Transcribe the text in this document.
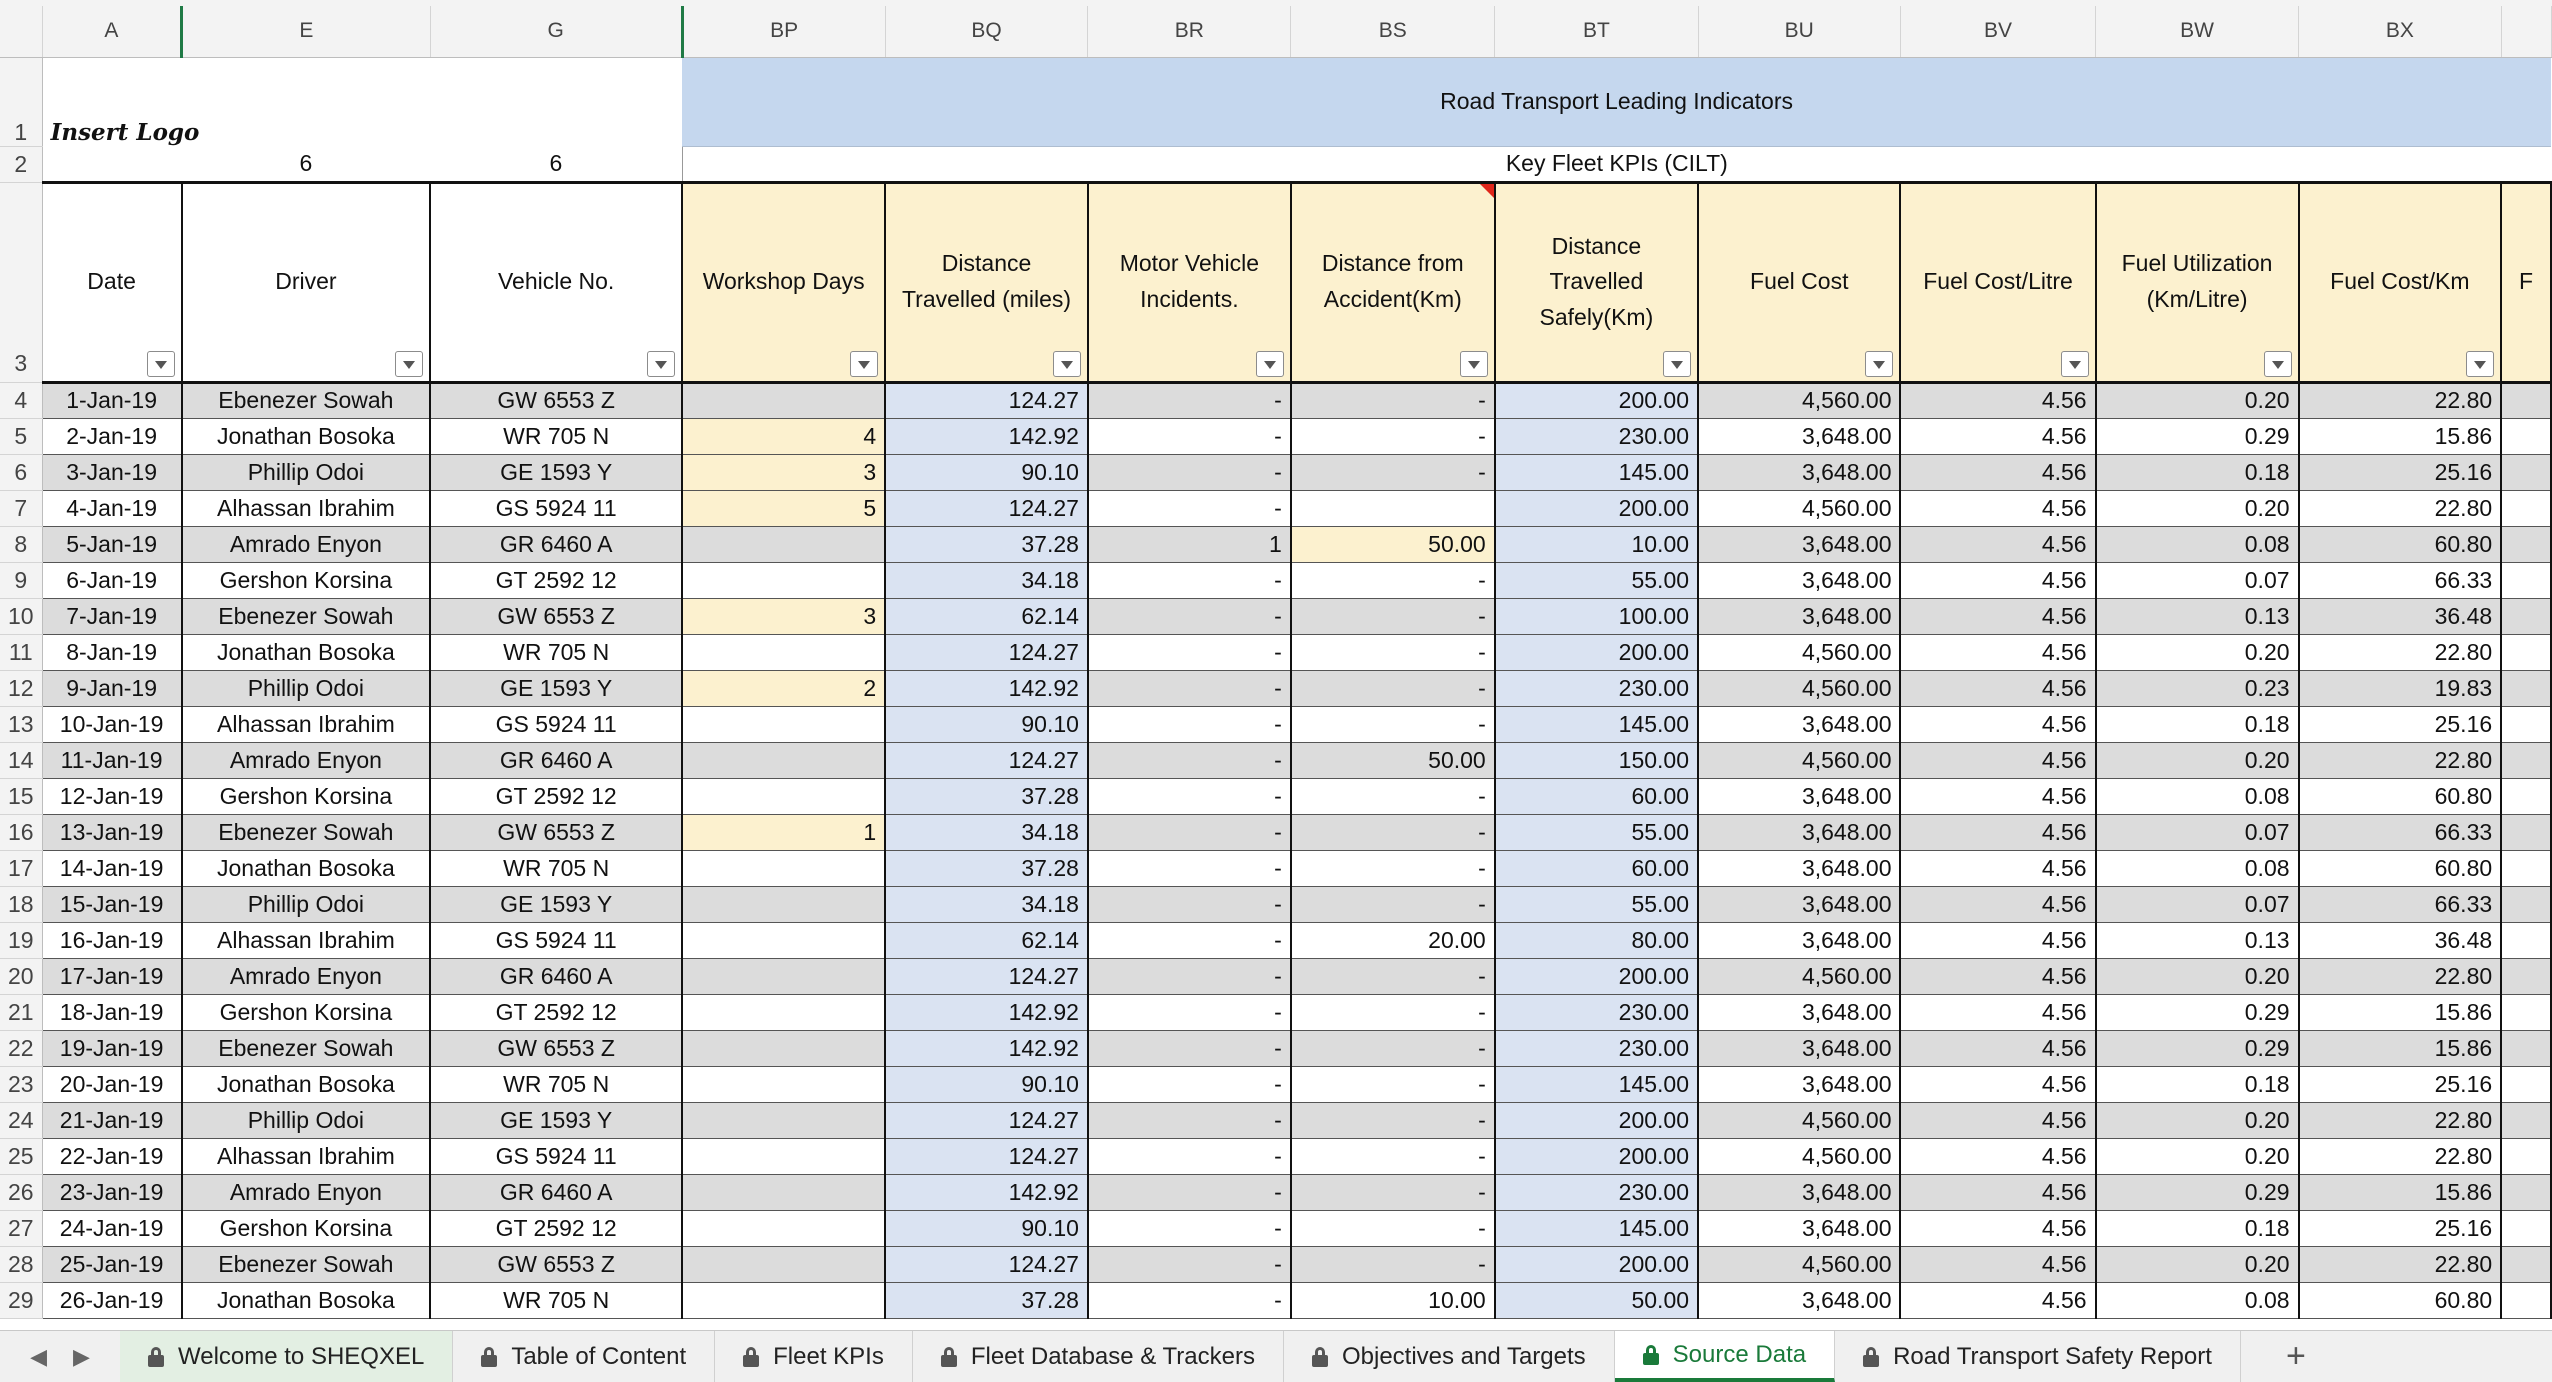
	A	E	G	BP	BQ	BR	BS	BT	BU	BV	BW	BX	
1	Insert Logo			Road Transport Leading Indicators									
2		6	6	Key Fleet KPIs (CILT)									
3	Date	Driver	Vehicle No.	Workshop Days	Distance Travelled (miles)	Motor Vehicle Incidents.	Distance from Accident(Km)	Distance Travelled Safely(Km)	Fuel Cost	Fuel Cost/Litre	Fuel Utilization (Km/Litre)	Fuel Cost/Km	F
4	1-Jan-19	Ebenezer Sowah	GW 6553 Z		124.27	-	-	200.00	4,560.00	4.56	0.20	22.80	
5	2-Jan-19	Jonathan Bosoka	WR 705 N	4	142.92	-	-	230.00	3,648.00	4.56	0.29	15.86	
6	3-Jan-19	Phillip Odoi	GE 1593 Y	3	90.10	-	-	145.00	3,648.00	4.56	0.18	25.16	
7	4-Jan-19	Alhassan Ibrahim	GS 5924 11	5	124.27	-		200.00	4,560.00	4.56	0.20	22.80	
8	5-Jan-19	Amrado Enyon	GR 6460 A		37.28	1	50.00	10.00	3,648.00	4.56	0.08	60.80	
9	6-Jan-19	Gershon Korsina	GT 2592 12		34.18	-	-	55.00	3,648.00	4.56	0.07	66.33	
10	7-Jan-19	Ebenezer Sowah	GW 6553 Z	3	62.14	-	-	100.00	3,648.00	4.56	0.13	36.48	
11	8-Jan-19	Jonathan Bosoka	WR 705 N		124.27	-	-	200.00	4,560.00	4.56	0.20	22.80	
12	9-Jan-19	Phillip Odoi	GE 1593 Y	2	142.92	-	-	230.00	4,560.00	4.56	0.23	19.83	
13	10-Jan-19	Alhassan Ibrahim	GS 5924 11		90.10	-	-	145.00	3,648.00	4.56	0.18	25.16	
14	11-Jan-19	Amrado Enyon	GR 6460 A		124.27	-	50.00	150.00	4,560.00	4.56	0.20	22.80	
15	12-Jan-19	Gershon Korsina	GT 2592 12		37.28	-	-	60.00	3,648.00	4.56	0.08	60.80	
16	13-Jan-19	Ebenezer Sowah	GW 6553 Z	1	34.18	-	-	55.00	3,648.00	4.56	0.07	66.33	
17	14-Jan-19	Jonathan Bosoka	WR 705 N		37.28	-	-	60.00	3,648.00	4.56	0.08	60.80	
18	15-Jan-19	Phillip Odoi	GE 1593 Y		34.18	-	-	55.00	3,648.00	4.56	0.07	66.33	
19	16-Jan-19	Alhassan Ibrahim	GS 5924 11		62.14	-	20.00	80.00	3,648.00	4.56	0.13	36.48	
20	17-Jan-19	Amrado Enyon	GR 6460 A		124.27	-	-	200.00	4,560.00	4.56	0.20	22.80	
21	18-Jan-19	Gershon Korsina	GT 2592 12		142.92	-	-	230.00	3,648.00	4.56	0.29	15.86	
22	19-Jan-19	Ebenezer Sowah	GW 6553 Z		142.92	-	-	230.00	3,648.00	4.56	0.29	15.86	
23	20-Jan-19	Jonathan Bosoka	WR 705 N		90.10	-	-	145.00	3,648.00	4.56	0.18	25.16	
24	21-Jan-19	Phillip Odoi	GE 1593 Y		124.27	-	-	200.00	4,560.00	4.56	0.20	22.80	
25	22-Jan-19	Alhassan Ibrahim	GS 5924 11		124.27	-	-	200.00	4,560.00	4.56	0.20	22.80	
26	23-Jan-19	Amrado Enyon	GR 6460 A		142.92	-	-	230.00	3,648.00	4.56	0.29	15.86	
27	24-Jan-19	Gershon Korsina	GT 2592 12		90.10	-	-	145.00	3,648.00	4.56	0.18	25.16	
28	25-Jan-19	Ebenezer Sowah	GW 6553 Z		124.27	-	-	200.00	4,560.00	4.56	0.20	22.80	
29	26-Jan-19	Jonathan Bosoka	WR 705 N		37.28	-	10.00	50.00	3,648.00	4.56	0.08	60.80	
◀ ▶	Welcome to SHEQXEL	Table of Content	Fleet KPIs	Fleet Database & Trackers	Objectives and Targets	Source Data	Road Transport Safety Report	+
